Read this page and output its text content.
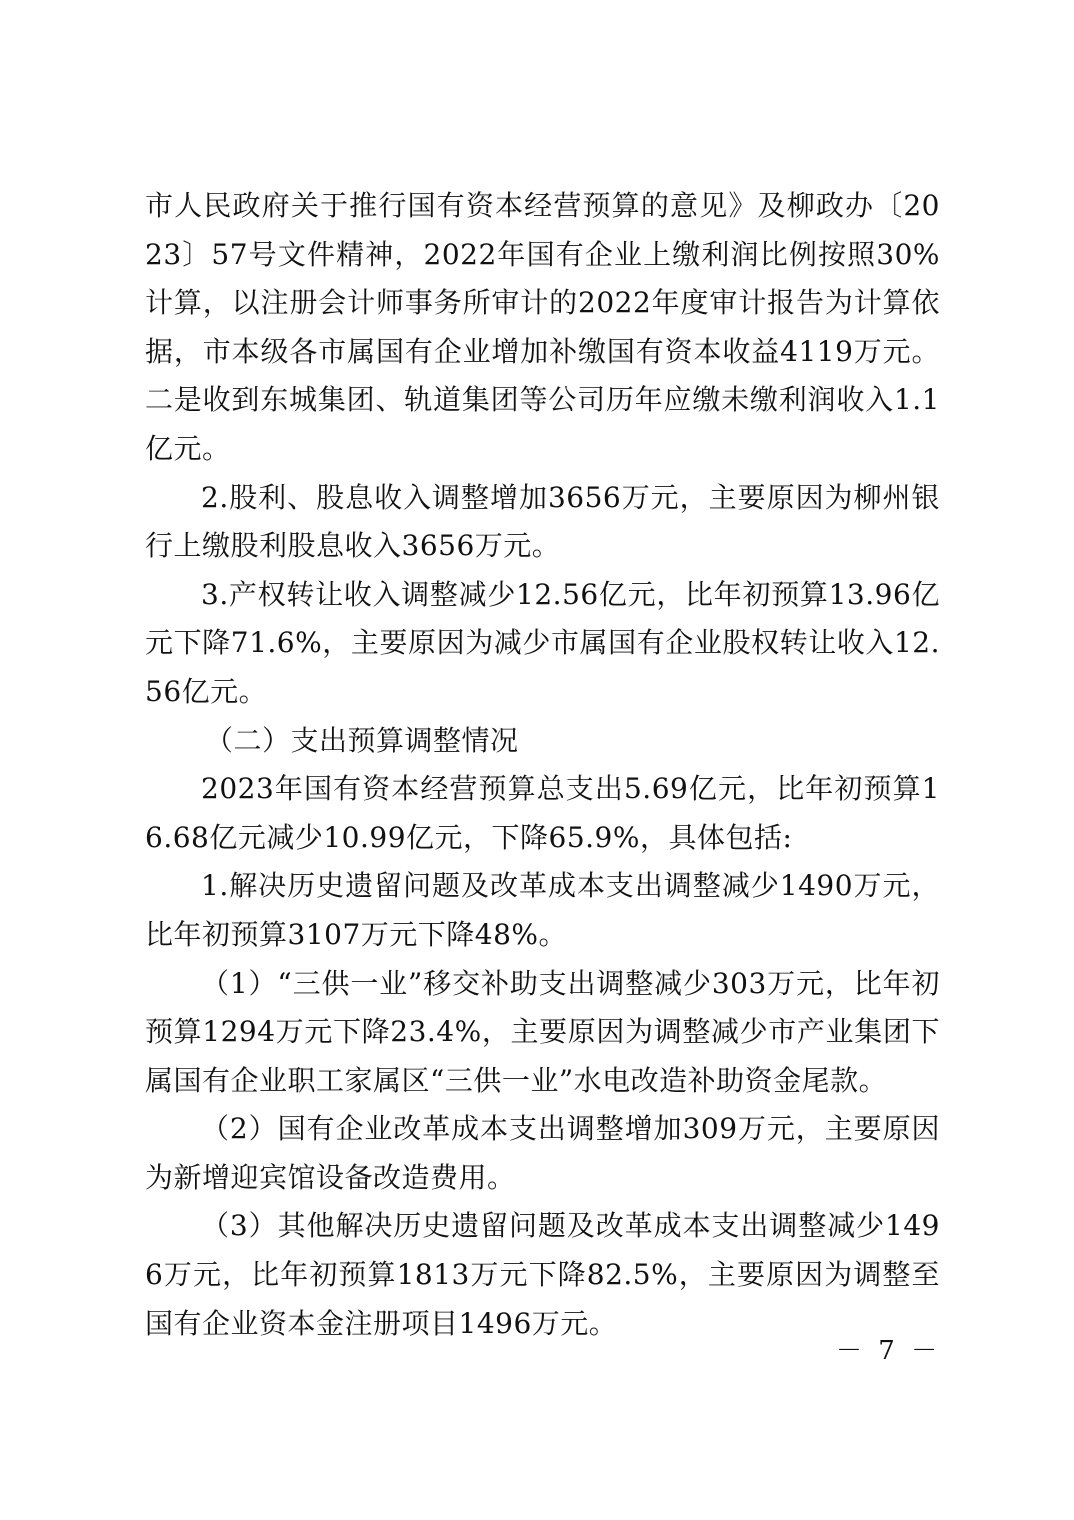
市人民政府关于推行国有资本经营预算的意见》及柳政办〔2023〕57号文件精神，2022年国有企业上缴利润比例按照30%计算，以注册会计师事务所审计的2022年度审计报告为计算依据，市本级各市属国有企业增加补缴国有资本收益4119万元。二是收到东城集团、轨道集团等公司历年应缴未缴利润收入1.1亿元。

2.股利、股息收入调整增加3656万元，主要原因为柳州银行上缴股利股息收入3656万元。

3.产权转让收入调整减少12.56亿元，比年初预算13.96亿元下降71.6%，主要原因为减少市属国有企业股权转让收入12.56亿元。

（二）支出预算调整情况

2023年国有资本经营预算总支出5.69亿元，比年初预算16.68亿元减少10.99亿元，下降65.9%，具体包括:

1.解决历史遗留问题及改革成本支出调整减少1490万元，比年初预算3107万元下降48%。

（1）“三供一业”移交补助支出调整减少303万元，比年初预算1294万元下降23.4%，主要原因为调整减少市产业集团下属国有企业职工家属区“三供一业”水电改造补助资金尾款。

（2）国有企业改革成本支出调整增加309万元，主要原因为新增迎宾馆设备改造费用。

（3）其他解决历史遗留问题及改革成本支出调整减少1496万元，比年初预算1813万元下降82.5%，主要原因为调整至国有企业资本金注册项目1496万元。

－ 7 －
